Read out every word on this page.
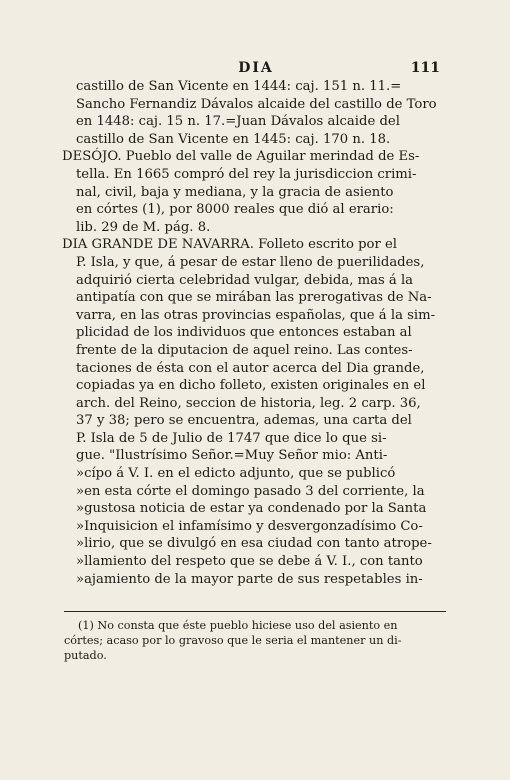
DIA	111
castillo de San Vicente en 1444: caj. 151 n. 11.=
Sancho Fernandiz Dávalos alcaide del castillo de Toro
en 1448: caj. 15 n. 17.=Juan Dávalos alcaide del
castillo de San Vicente en 1445: caj. 170 n. 18.
DESÓJO. Pueblo del valle de Aguilar merindad de Es-
tella. En 1665 compró del rey la jurisdiccion crimi-
nal, civil, baja y mediana, y la gracia de asiento
en córtes (1), por 8000 reales que dió al erario:
lib. 29 de M. pág. 8.
DIA GRANDE DE NAVARRA. Folleto escrito por el
P. Isla, y que, á pesar de estar lleno de puerilidades,
adquirió cierta celebridad vulgar, debida, mas á la
antipatía con que se mirában las prerogativas de Na-
varra, en las otras provincias españolas, que á la sim-
plicidad de los individuos que entonces estaban al
frente de la diputacion de aquel reino. Las contes-
taciones de ésta con el autor acerca del Dia grande,
copiadas ya en dicho folleto, existen originales en el
arch. del Reino, seccion de historia, leg. 2 carp. 36,
37 y 38; pero se encuentra, ademas, una carta del
P. Isla de 5 de Julio de 1747 que dice lo que si-
gue. "Ilustrísimo Señor.=Muy Señor mio: Anti-
»cípo á V. I. en el edicto adjunto, que se publicó
»en esta córte el domingo pasado 3 del corriente, la
»gustosa noticia de estar ya condenado por la Santa
»Inquisicion el infamísimo y desvergonzadísimo Co-
»lirio, que se divulgó en esa ciudad con tanto atrope-
»llamiento del respeto que se debe á V. I., con tanto
»ajamiento de la mayor parte de sus respetables in-
(1) No consta que éste pueblo hiciese uso del asiento en
córtes; acaso por lo gravoso que le seria el mantener un di-
putado.
